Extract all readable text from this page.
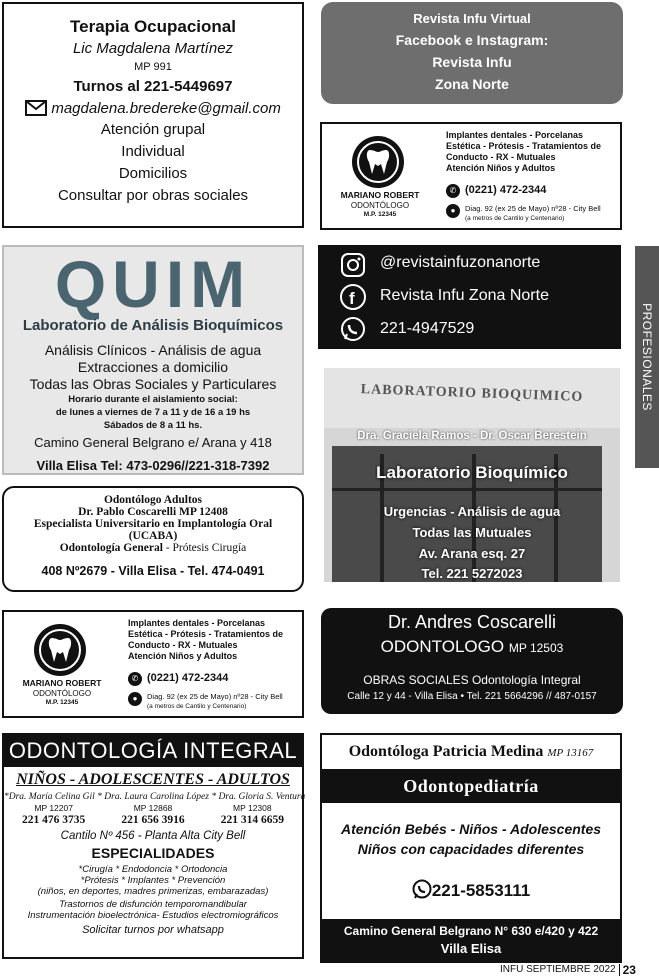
Terapia Ocupacional
Lic Magdalena Martínez
MP 991
Turnos al 221-5449697
magdalena.bredereke@gmail.com
Atención grupal
Individual
Domicilios
Consultar por obras sociales
Revista Infu Virtual
Facebook e Instagram:
Revista Infu
Zona Norte
MARIANO ROBERT
ODONTÓLOGO
M.P. 12345
Implantes dentales - Porcelanas
Estética - Prótesis - Tratamientos de
Conducto - RX - Mutuales
Atención Niños y Adultos
✆ (0221) 472-2344
●	Diag. 92 (ex 25 de Mayo) nº28 - City Bell
(a metros de Cantilo y Centenario)
QUIM
Laboratorio de Análisis Bioquímicos
Análisis Clínicos - Análisis de agua
Extracciones a domicilio
Todas las Obras Sociales y Particulares
Horario durante el aislamiento social:
de lunes a viernes de 7 a 11 y de 16 a 19 hs
Sábados de 8 a 11 hs.
Camino General Belgrano e/ Arana y 418
Villa Elisa Tel: 473-0296//221-318-7392
@revistainfuzonanorte
f Revista Infu Zona Norte
221-4947529	PROFESIONALES
LABORATORIO BIOQUIMICO
Dra. Graciela Ramos - Dr. Oscar Berestein
Laboratorio Bioquímico
Urgencias - Análisis de agua
Todas las Mutuales
Av. Arana esq. 27
Tel. 221 5272023
Odontólogo Adultos
Dr. Pablo Coscarelli MP 12408
Especialista Universitario en Implantología Oral
(UCABA)
Odontología General - Prótesis Cirugía
408 Nº2679 - Villa Elisa - Tel. 474-0491
MARIANO ROBERT
ODONTÓLOGO
M.P. 12345
Implantes dentales - Porcelanas
Estética - Prótesis - Tratamientos de
Conducto - RX - Mutuales
Atención Niños y Adultos
✆ (0221) 472-2344
●	Diag. 92 (ex 25 de Mayo) nº28 - City Bell
(a metros de Cantilo y Centenario)
Dr. Andres Coscarelli
ODONTOLOGO MP 12503
OBRAS SOCIALES Odontología Integral
Calle 12 y 44 - Villa Elisa • Tel. 221 5664296 // 487-0157
ODONTOLOGÍA INTEGRAL
NIÑOS - ADOLESCENTES - ADULTOS
*Dra. María Celina Gil * Dra. Laura Carolina López * Dra. Gloria S. Ventura
MP 12207	MP 12868	MP 12308
221 476 3735	221 656 3916	221 314 6659
Cantilo Nº 456 - Planta Alta City Bell
ESPECIALIDADES
*Cirugía * Endodoncia * Ortodoncia
*Prótesis * Implantes * Prevención
(niños, en deportes, madres primerizas, embarazadas)
Trastornos de disfunción temporomandibular
Instrumentación bioelectrónica- Estudios electromiográficos
Solicitar turnos por whatsapp
Odontóloga Patricia Medina MP 13167
Odontopediatría
Atención Bebés - Niños - Adolescentes
Niños con capacidades diferentes
221-5853111
Camino General Belgrano N° 630 e/420 y 422
Villa Elisa
INFU SEPTIEMBRE 2022 23
